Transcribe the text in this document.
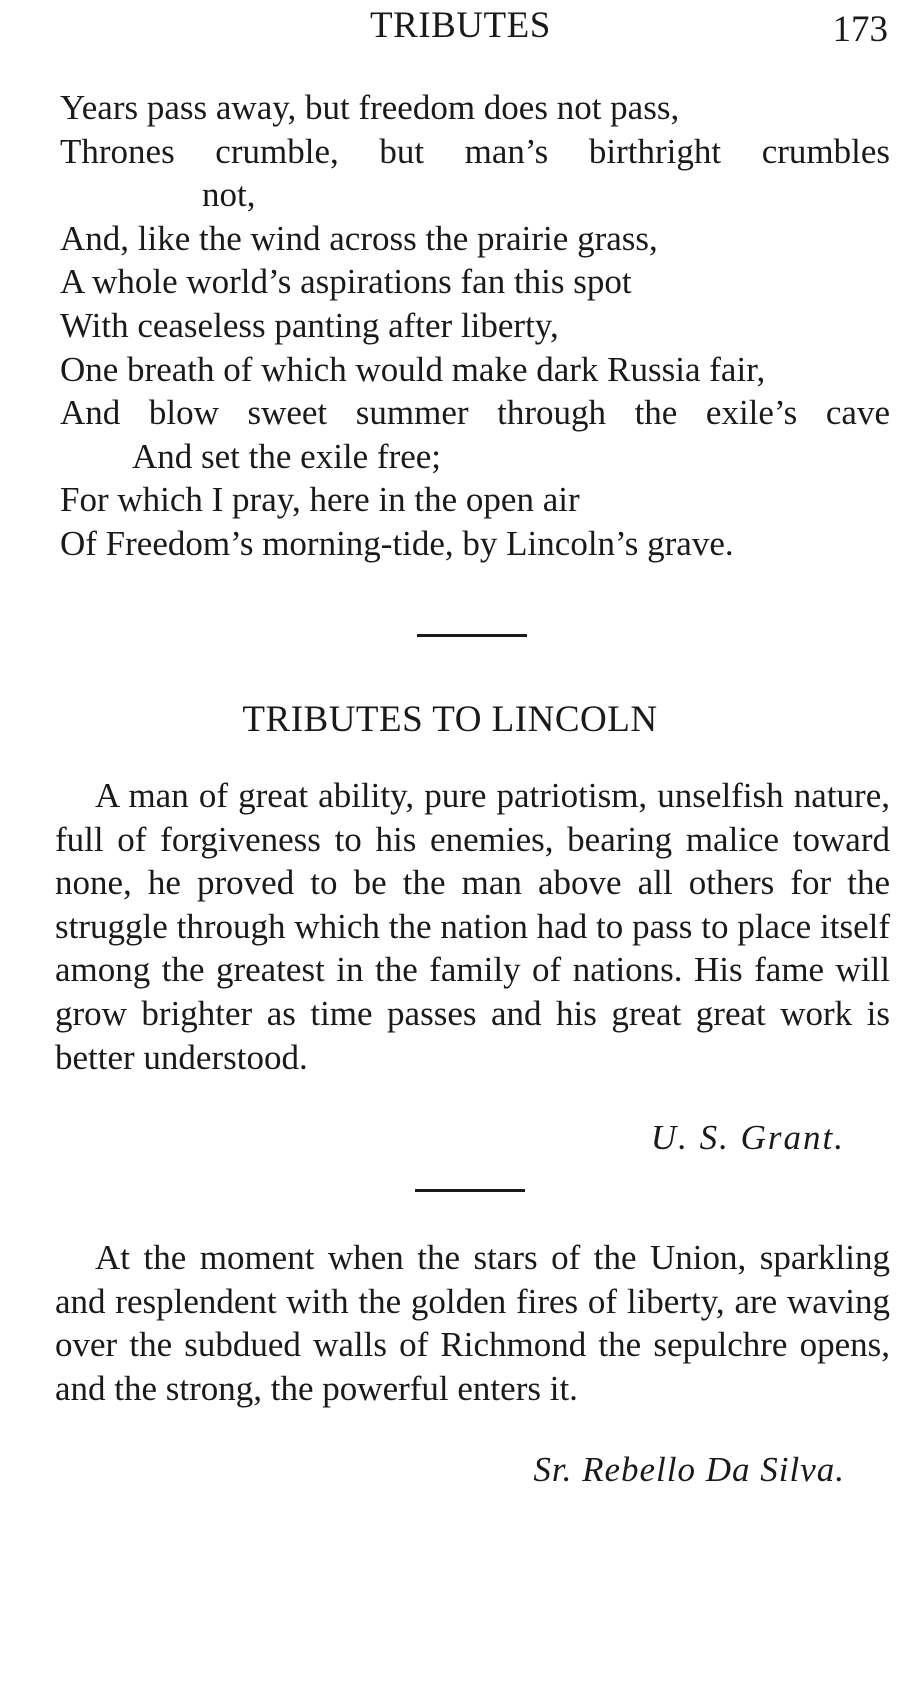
TRIBUTES	173
Years pass away, but freedom does not pass,
Thrones crumble, but man’s birthright crumbles
not,
And, like the wind across the prairie grass,
A whole world’s aspirations fan this spot
With ceaseless panting after liberty,
One breath of which would make dark Russia fair,
And blow sweet summer through the exile’s cave
And set the exile free;
For which I pray, here in the open air
Of Freedom’s morning-tide, by Lincoln’s grave.
TRIBUTES TO LINCOLN

A man of great ability, pure patriotism, unselfish nature, full of forgiveness to his enemies, bearing malice toward none, he proved to be the man above all others for the struggle through which the nation had to pass to place itself among the greatest in the family of nations. His fame will grow brighter as time passes and his great great work is better understood.

U. S. Grant.

At the moment when the stars of the Union, sparkling and resplendent with the golden fires of liberty, are waving over the subdued walls of Richmond the sepulchre opens, and the strong, the powerful enters it.

Sr. Rebello Da Silva.
